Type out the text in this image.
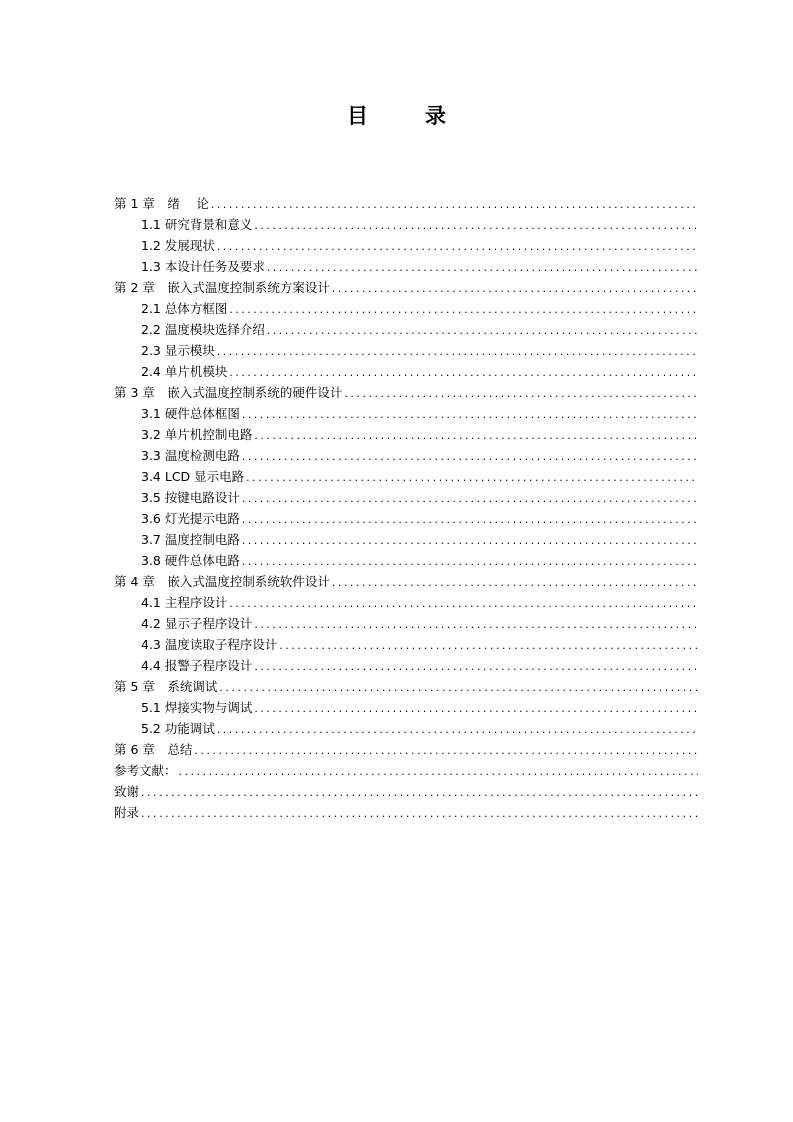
目　录
第 1 章　绪　 论
.....
1.1 研究背景和意义
.....
1.2 发展现状
.....
1.3 本设计任务及要求
.....
第 2 章　嵌入式温度控制系统方案设计
.....
2.1 总体方框图
.....
2.2 温度模块选择介绍
.....
2.3 显示模块
.....
2.4 单片机模块
.....
第 3 章　嵌入式温度控制系统的硬件设计
.....
3.1 硬件总体框图
.....
3.2 单片机控制电路
.....
3.3 温度检测电路
.....
3.4 LCD 显示电路
.....
3.5 按键电路设计
.....
3.6 灯光提示电路
.....
3.7 温度控制电路
.....
3.8 硬件总体电路
.....
第 4 章　嵌入式温度控制系统软件设计
.....
4.1 主程序设计
.....
4.2 显示子程序设计
.....
4.3 温度读取子程序设计
.....
4.4 报警子程序设计
.....
第 5 章　系统调试
.....
5.1 焊接实物与调试
.....
5.2 功能调试
.....
第 6 章　总结
.....
参考文献：
.....
致谢
.....
附录
.....
